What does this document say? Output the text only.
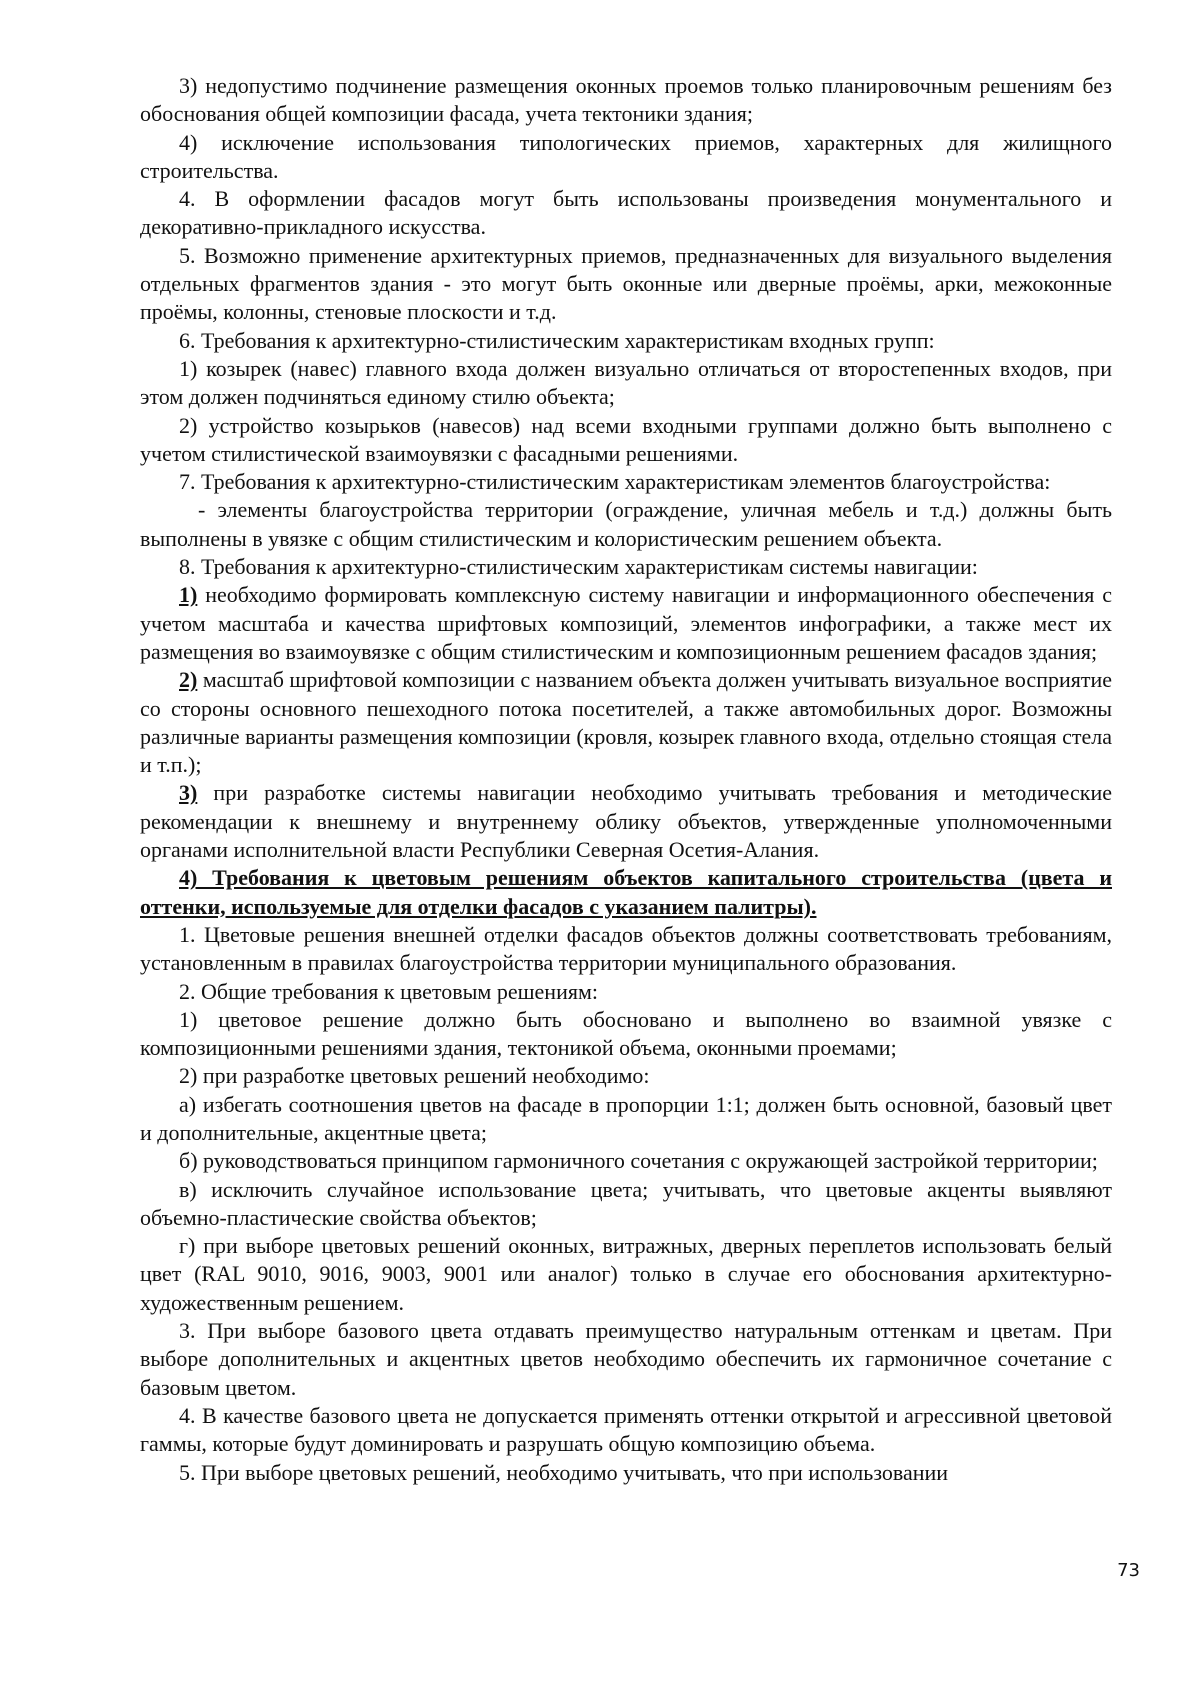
3) недопустимо подчинение размещения оконных проемов только планировочным решениям без обоснования общей композиции фасада, учета тектоники здания;

4) исключение использования типологических приемов, характерных для жилищного строительства.

4. В оформлении фасадов могут быть использованы произведения монументального и декоративно-прикладного искусства.

5. Возможно применение архитектурных приемов, предназначенных для визуального выделения отдельных фрагментов здания - это могут быть оконные или дверные проёмы, арки, межоконные проёмы, колонны, стеновые плоскости и т.д.

6. Требования к архитектурно-стилистическим характеристикам входных групп:

1) козырек (навес) главного входа должен визуально отличаться от второстепенных входов, при этом должен подчиняться единому стилю объекта;

2) устройство козырьков (навесов) над всеми входными группами должно быть выполнено с учетом стилистической взаимоувязки с фасадными решениями.

7. Требования к архитектурно-стилистическим характеристикам элементов благоустройства:

- элементы благоустройства территории (ограждение, уличная мебель и т.д.) должны быть выполнены в увязке с общим стилистическим и колористическим решением объекта.

8. Требования к архитектурно-стилистическим характеристикам системы навигации:

1) необходимо формировать комплексную систему навигации и информационного обеспечения с учетом масштаба и качества шрифтовых композиций, элементов инфографики, а также мест их размещения во взаимоувязке с общим стилистическим и композиционным решением фасадов здания;

2) масштаб шрифтовой композиции с названием объекта должен учитывать визуальное восприятие со стороны основного пешеходного потока посетителей, а также автомобильных дорог. Возможны различные варианты размещения композиции (кровля, козырек главного входа, отдельно стоящая стела и т.п.);

3) при разработке системы навигации необходимо учитывать требования и методические рекомендации к внешнему и внутреннему облику объектов, утвержденные уполномоченными органами исполнительной власти Республики Северная Осетия-Алания.

4) Требования к цветовым решениям объектов капитального строительства (цвета и оттенки, используемые для отделки фасадов с указанием палитры).

1. Цветовые решения внешней отделки фасадов объектов должны соответствовать требованиям, установленным в правилах благоустройства территории муниципального образования.

2. Общие требования к цветовым решениям:

1) цветовое решение должно быть обосновано и выполнено во взаимной увязке с композиционными решениями здания, тектоникой объема, оконными проемами;

2) при разработке цветовых решений необходимо:

а) избегать соотношения цветов на фасаде в пропорции 1:1; должен быть основной, базовый цвет и дополнительные, акцентные цвета;

б) руководствоваться принципом гармоничного сочетания с окружающей застройкой территории;

в) исключить случайное использование цвета; учитывать, что цветовые акценты выявляют объемно-пластические свойства объектов;

г) при выборе цветовых решений оконных, витражных, дверных переплетов использовать белый цвет (RAL 9010, 9016, 9003, 9001 или аналог) только в случае его обоснования архитектурно-художественным решением.

3. При выборе базового цвета отдавать преимущество натуральным оттенкам и цветам. При выборе дополнительных и акцентных цветов необходимо обеспечить их гармоничное сочетание с базовым цветом.

4. В качестве базового цвета не допускается применять оттенки открытой и агрессивной цветовой гаммы, которые будут доминировать и разрушать общую композицию объема.

5. При выборе цветовых решений, необходимо учитывать, что при использовании

73
